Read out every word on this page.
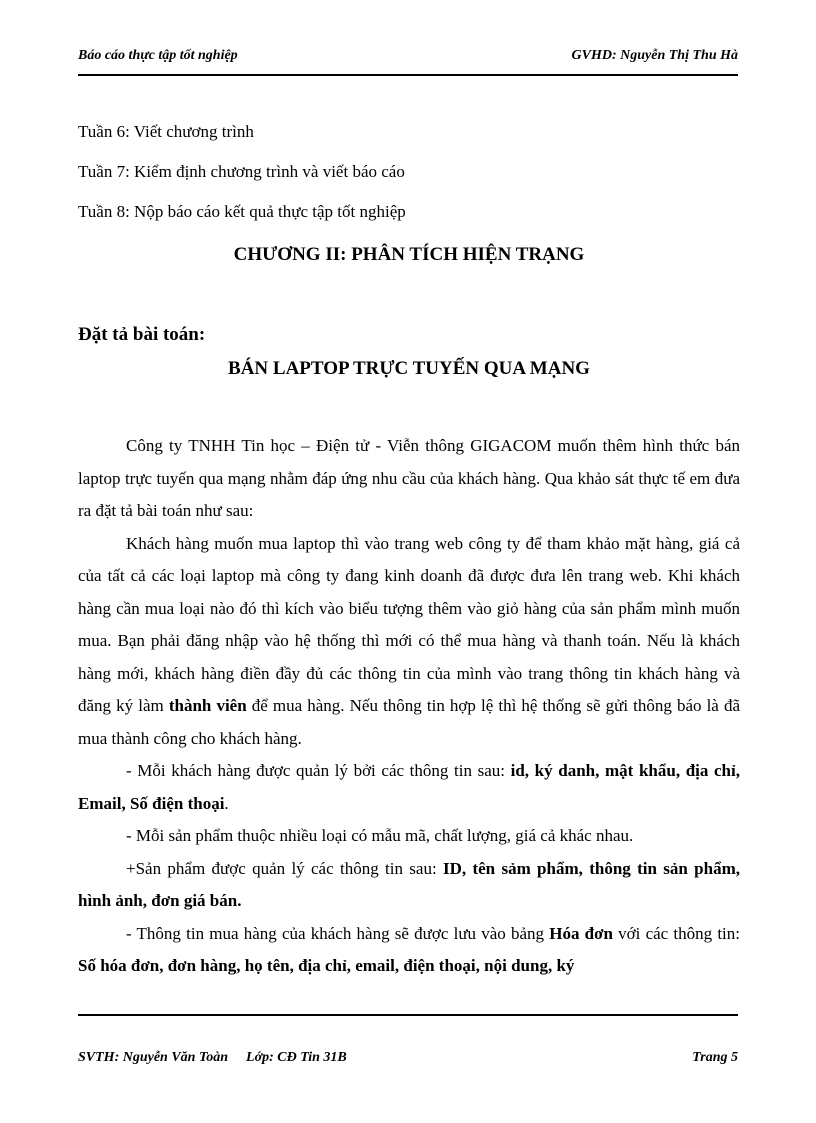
Báo cáo thực tập tốt nghiệp	GVHD: Nguyễn Thị Thu Hà
Tuần 6: Viết chương trình
Tuần 7: Kiểm định chương trình và viết báo cáo
Tuần 8: Nộp báo cáo kết quả thực tập tốt nghiệp
CHƯƠNG II: PHÂN TÍCH HIỆN TRẠNG
Đặt tả bài toán:
BÁN LAPTOP TRỰC TUYẾN QUA MẠNG

Công ty TNHH Tin học – Điện tử - Viễn thông GIGACOM muốn thêm hình thức bán laptop trực tuyến qua mạng nhằm đáp ứng nhu cầu của khách hàng. Qua khảo sát thực tế em đưa ra đặt tả bài toán như sau:

Khách hàng muốn mua laptop thì vào trang web công ty để tham khảo mặt hàng, giá cả của tất cả các loại laptop mà công ty đang kinh doanh đã được đưa lên trang web. Khi khách hàng cần mua loại nào đó thì kích vào biểu tượng thêm vào giỏ hàng của sản phẩm mình muốn mua. Bạn phải đăng nhập vào hệ thống thì mới có thể mua hàng và thanh toán. Nếu là khách hàng mới, khách hàng điền đầy đủ các thông tin của mình vào trang thông tin khách hàng và đăng ký làm thành viên để mua hàng. Nếu thông tin hợp lệ thì hệ thống sẽ gửi thông báo là đã mua thành công cho khách hàng.

- Mỗi khách hàng được quản lý bởi các thông tin sau: id, ký danh, mật khẩu, địa chỉ, Email, Số điện thoại.

- Mỗi sản phẩm thuộc nhiều loại có mẫu mã, chất lượng, giá cả khác nhau.

+Sản phẩm được quản lý các thông tin sau: ID, tên sảm phẩm, thông tin sản phẩm, hình ảnh, đơn giá bán.

- Thông tin mua hàng của khách hàng sẽ được lưu vào bảng Hóa đơn với các thông tin: Số hóa đơn, đơn hàng, họ tên, địa chỉ, email, điện thoại, nội dung, ký

SVTH: Nguyễn Văn Toàn Lớp: CĐ Tin 31B	Trang 5
